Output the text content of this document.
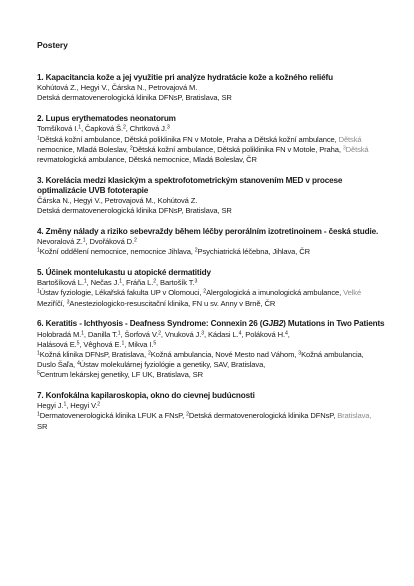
Postery
1. Kapacitancia kože a jej využitie pri analýze hydratácie kože a kožného reliéfu
Kohútová Z., Hegyi V., Čárska N., Petrovajová M.
Detská dermatovenerologická klinika DFNsP, Bratislava, SR
2. Lupus erythematodes neonatorum
Tomšíková I.$^1$, Čapková Š.$^2$, Chrtková J.$^3$
$^1$Dětská kožní ambulance, Dětská poliklinika FN v Motole, Praha a Dětská kožní ambulance, Dětská
nemocnice, Mladá Boleslav, $^2$Dětská kožní ambulance, Dětská poliklinika FN v Motole, Praha, $^3$Dětská
revmatologická ambulance, Dětská nemocnice, Mladá Boleslav, ČR
3. Korelácia medzi klasickým a spektrofotometrickým stanovením MED v procese optimalizácie UVB fototerapie
Čárska N., Hegyi V., Petrovajová M., Kohútová Z.
Detská dermatovenerologická klinika DFNsP, Bratislava, SR
4. Změny nálady a riziko sebevraždy během léčby perorálním izotretinoinem - česká studie.
Nevoralová Z.$^1$, Dvořáková D.$^2$
$^1$Kožní oddělení nemocnice, nemocnice Jihlava, $^2$Psychiatrická léčebna, Jihlava, ČR
5. Účinek montelukastu u atopické dermatitidy
Bartošíková L.$^1$, Nečas J.$^1$, Fráňa L.$^2$, Bartošík T.$^3$
$^1$Ústav fyziologie, Lékařská fakulta UP v Olomouci, $^2$Alergologická a imunologická ambulance, Velké
Meziříčí, $^3$Anesteziologicko-resuscitační klinika, FN u sv. Anny v Brně, ČR
6. Keratitis - Ichthyosis - Deafness Syndrome: Connexin 26 (GJB2) Mutations in Two Patients
Holobradá M.$^1$, Danilla T.$^1$, Šorfová V.$^2$, Vnuková J.$^3$, Kádasi L.$^4$, Poláková H.$^4$,
Halásová E.$^5$, Vêghová E.$^1$, Mikva I.$^5$
$^1$Kožná klinika DFNsP, Bratislava, $^2$Kožná ambulancia, Nové Mesto nad Váhom, $^3$Kožná ambulancia,
Duslo Šaľa, $^4$Ústav molekulárnej fyziológie a genetiky, SAV, Bratislava,
$^5$Centrum lekárskej genetiky, LF UK, Bratislava, SR
7. Konfokálna kapilaroskopia, okno do cievnej budúcnosti
Hegyi J.$^1$, Hegyi V.$^2$
$^1$Dermatovenerologická klinika LFUK a FNsP, $^2$Detská dermatovenerologická klinika DFNsP, Bratislava,
SR
